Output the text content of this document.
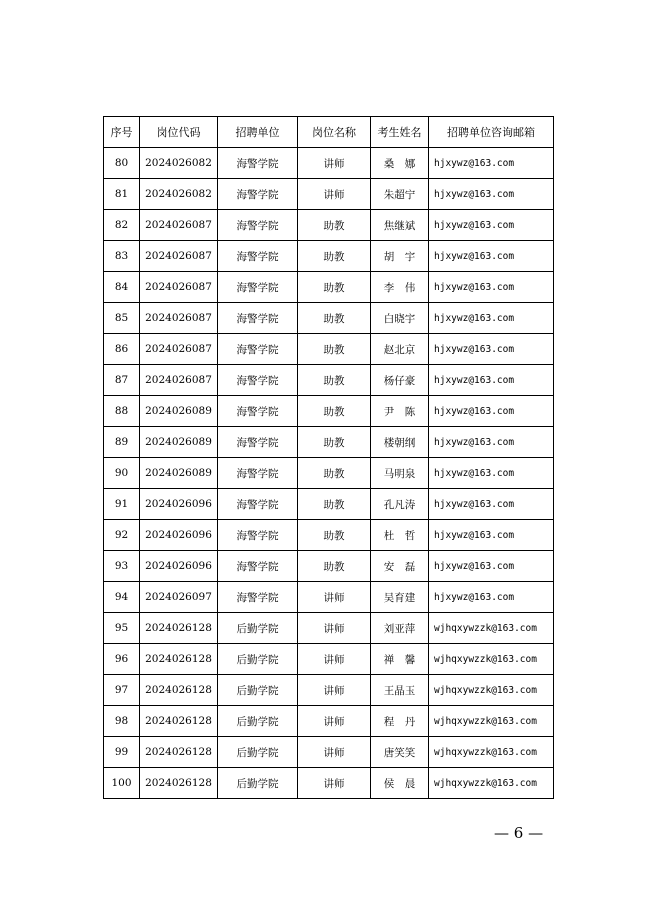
序号	岗位代码	招聘单位	岗位名称	考生姓名	招聘单位咨询邮箱
80	2024026082	海警学院	讲师	桑　娜	hjxywz@163.com
81	2024026082	海警学院	讲师	朱超宁	hjxywz@163.com
82	2024026087	海警学院	助教	焦继斌	hjxywz@163.com
83	2024026087	海警学院	助教	胡　宇	hjxywz@163.com
84	2024026087	海警学院	助教	李　伟	hjxywz@163.com
85	2024026087	海警学院	助教	白晓宇	hjxywz@163.com
86	2024026087	海警学院	助教	赵北京	hjxywz@163.com
87	2024026087	海警学院	助教	杨仔豪	hjxywz@163.com
88	2024026089	海警学院	助教	尹　陈	hjxywz@163.com
89	2024026089	海警学院	助教	楼朝纲	hjxywz@163.com
90	2024026089	海警学院	助教	马明泉	hjxywz@163.com
91	2024026096	海警学院	助教	孔凡涛	hjxywz@163.com
92	2024026096	海警学院	助教	杜　哲	hjxywz@163.com
93	2024026096	海警学院	助教	安　磊	hjxywz@163.com
94	2024026097	海警学院	讲师	吴育建	hjxywz@163.com
95	2024026128	后勤学院	讲师	刘亚萍	wjhqxywzzk@163.com
96	2024026128	后勤学院	讲师	禅　馨	wjhqxywzzk@163.com
97	2024026128	后勤学院	讲师	王晶玉	wjhqxywzzk@163.com
98	2024026128	后勤学院	讲师	程　丹	wjhqxywzzk@163.com
99	2024026128	后勤学院	讲师	唐笑笑	wjhqxywzzk@163.com
100	2024026128	后勤学院	讲师	侯　晨	wjhqxywzzk@163.com
— 6 —
